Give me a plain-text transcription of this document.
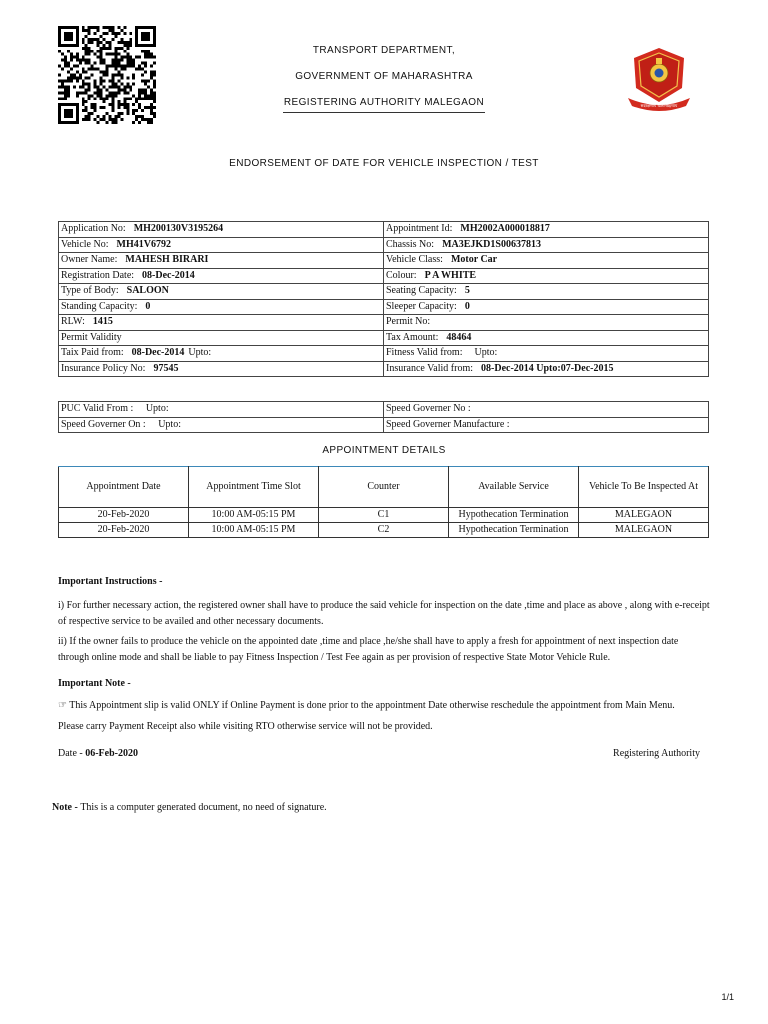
TRANSPORT DEPARTMENT,
GOVERNMENT OF MAHARASHTRA
REGISTERING AUTHORITY MALEGAON	सदरक्षणाय खलनिग्रहणाय
ENDORSEMENT OF DATE FOR VEHICLE INSPECTION / TEST
Application No: MH200130V3195264	Appointment Id: MH2002A000018817
Vehicle No: MH41V6792	Chassis No: MA3EJKD1S00637813
Owner Name: MAHESH BIRARI	Vehicle Class: Motor Car
Registration Date: 08-Dec-2014	Colour: P A WHITE
Type of Body: SALOON	Seating Capacity: 5
Standing Capacity: 0	Sleeper Capacity: 0
RLW: 1415	Permit No:
Permit Validity	Tax Amount: 48464
Taix Paid from: 08-Dec-2014 Upto:	Fitness Valid from: Upto:
Insurance Policy No: 97545	Insurance Valid from: 08-Dec-2014 Upto:07-Dec-2015
PUC Valid From :     Upto:	Speed Governer No :
Speed Governer On :     Upto:	Speed Governer Manufacture :
APPOINTMENT DETAILS
Appointment Date	Appointment Time Slot	Counter	Available Service	Vehicle To Be Inspected At
20-Feb-2020	10:00 AM-05:15 PM	C1	Hypothecation Termination	MALEGAON
20-Feb-2020	10:00 AM-05:15 PM	C2	Hypothecation Termination	MALEGAON
Important Instructions -
i) For further necessary action, the registered owner shall have to produce the said vehicle for inspection on the date ,time and place as above , along with e-receipt of respective service to be availed and other necessary documents.
ii) If the owner fails to produce the vehicle on the appointed date ,time and place ,he/she shall have to apply a fresh for appointment of next inspection date through online mode and shall be liable to pay Fitness Inspection / Test Fee again as per provision of respective State Motor Vehicle Rule.
Important Note -
☞ This Appointment slip is valid ONLY if Online Payment is done prior to the appointment Date otherwise reschedule the appointment from Main Menu.
Please carry Payment Receipt also while visiting RTO otherwise service will not be provided.
Date - 06-Feb-2020	Registering Authority
Note - This is a computer generated document, no need of signature.
1/1
